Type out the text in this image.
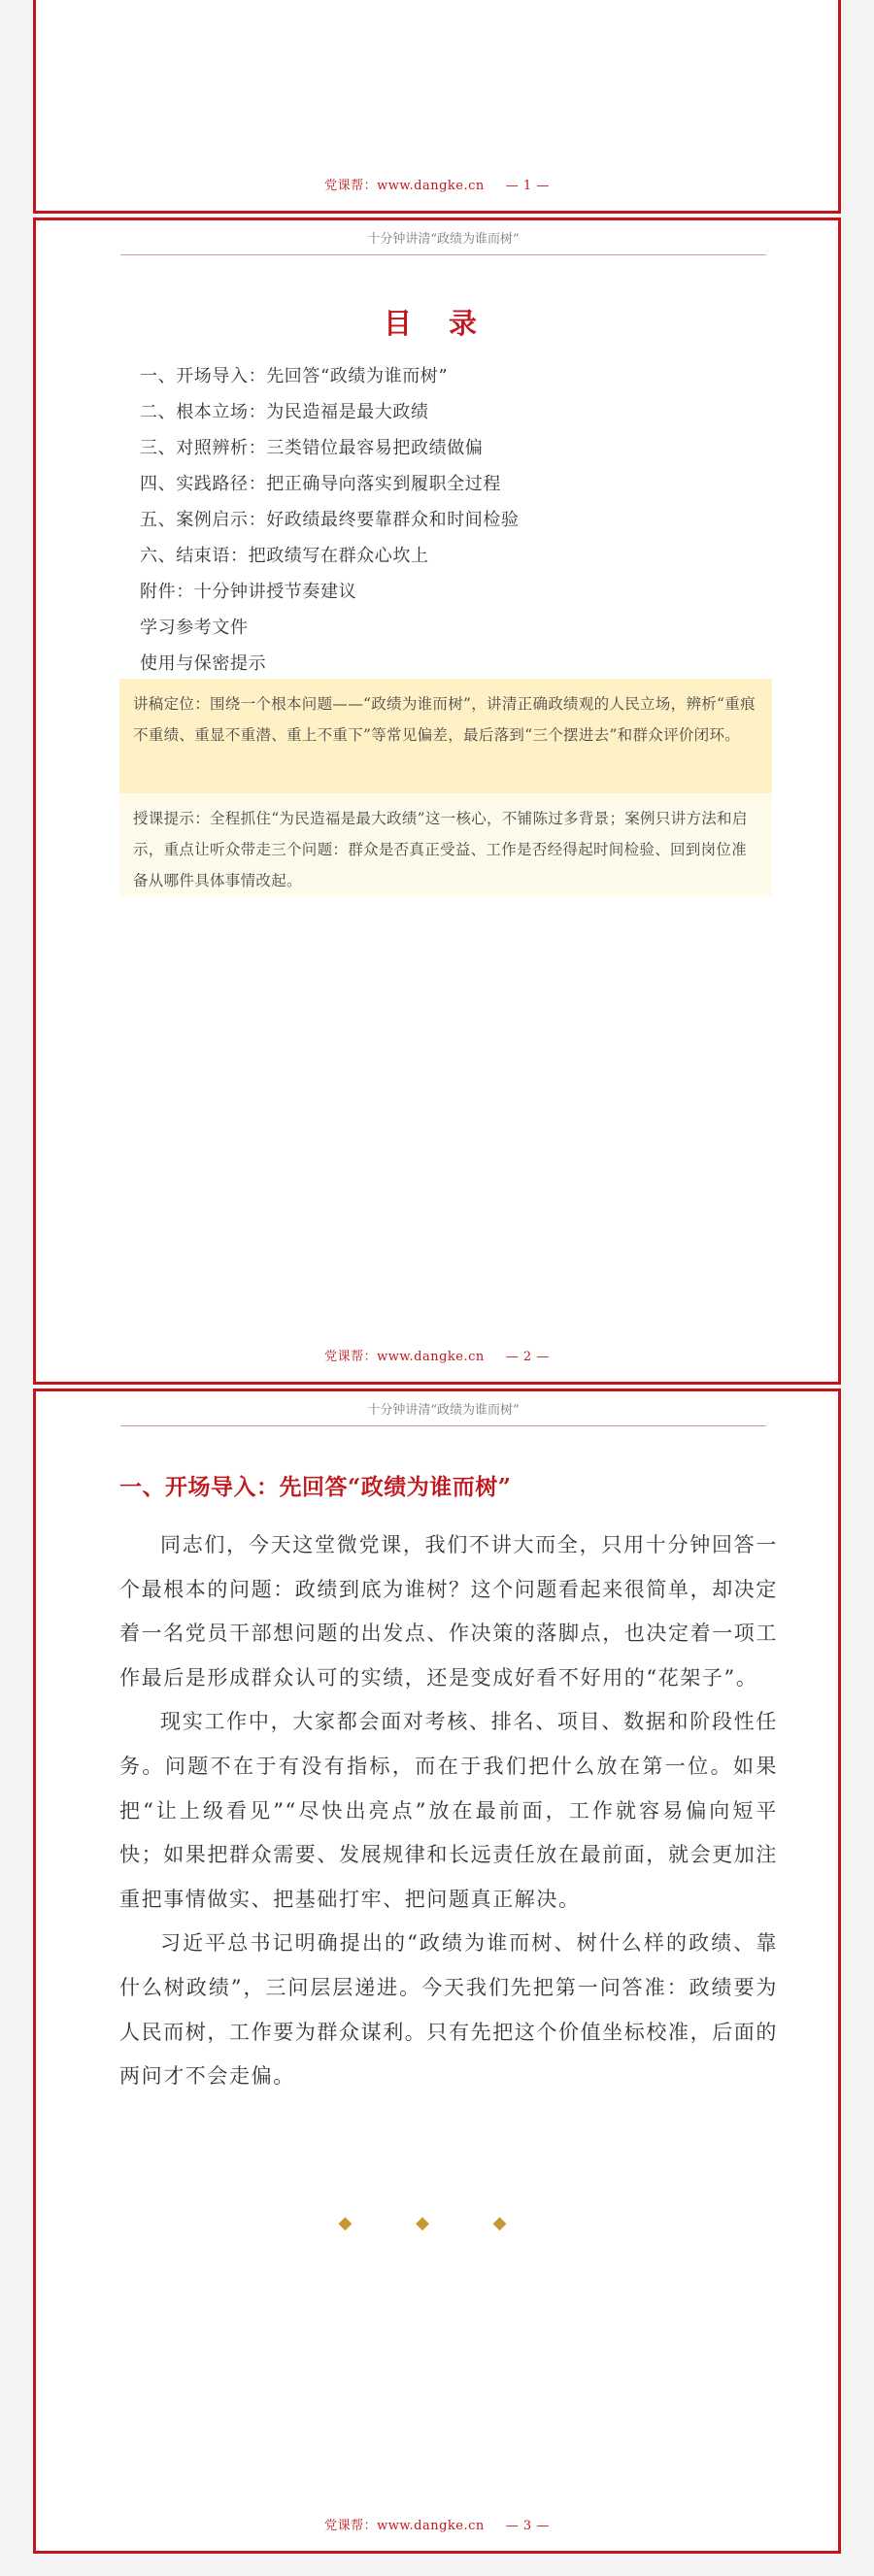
党课帮：www.dangke.cn — 1 —
十分钟讲清“政绩为谁而树”
目 录
一、开场导入：先回答“政绩为谁而树”
二、根本立场：为民造福是最大政绩
三、对照辨析：三类错位最容易把政绩做偏
四、实践路径：把正确导向落实到履职全过程
五、案例启示：好政绩最终要靠群众和时间检验
六、结束语：把政绩写在群众心坎上
附件：十分钟讲授节奏建议
学习参考文件
使用与保密提示
讲稿定位：围绕一个根本问题——“政绩为谁而树”，讲清正确政绩观的人民立场，辨析“重痕不重绩、重显不重潜、重上不重下”等常见偏差，最后落到“三个摆进去”和群众评价闭环。
授课提示：全程抓住“为民造福是最大政绩”这一核心，不铺陈过多背景；案例只讲方法和启示，重点让听众带走三个问题：群众是否真正受益、工作是否经得起时间检验、回到岗位准备从哪件具体事情改起。
党课帮：www.dangke.cn — 2 —
十分钟讲清“政绩为谁而树”
一、开场导入：先回答“政绩为谁而树”

同志们，今天这堂微党课，我们不讲大而全，只用十分钟回答一个最根本的问题：政绩到底为谁树？这个问题看起来很简单，却决定着一名党员干部想问题的出发点、作决策的落脚点，也决定着一项工作最后是形成群众认可的实绩，还是变成好看不好用的“花架子”。

现实工作中，大家都会面对考核、排名、项目、数据和阶段性任务。问题不在于有没有指标，而在于我们把什么放在第一位。如果把“让上级看见”“尽快出亮点”放在最前面，工作就容易偏向短平快；如果把群众需要、发展规律和长远责任放在最前面，就会更加注重把事情做实、把基础打牢、把问题真正解决。

习近平总书记明确提出的“政绩为谁而树、树什么样的政绩、靠什么树政绩”，三问层层递进。今天我们先把第一问答准：政绩要为人民而树，工作要为群众谋利。只有先把这个价值坐标校准，后面的两问才不会走偏。

◆ ◆ ◆
党课帮：www.dangke.cn — 3 —
